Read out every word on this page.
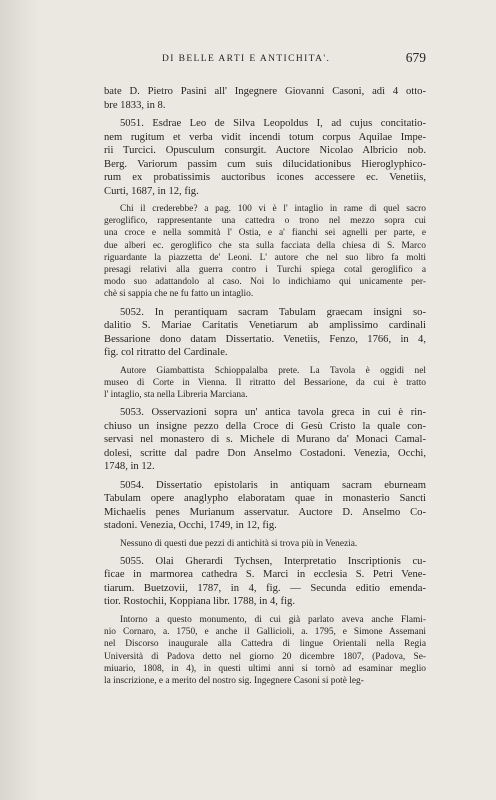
DI BELLE ARTI E ANTICHITA'.	679
bate D. Pietro Pasini all' Ingegnere Giovanni Casoni, adì 4 otto-
bre 1833, in 8.
5051. Esdrae Leo de Silva Leopoldus I, ad cujus concitatio-
nem rugitum et verba vidit incendi totum corpus Aquilae Impe-
rii Turcici. Opusculum consurgit. Auctore Nicolao Albricio nob.
Berg. Variorum passim cum suis dilucidationibus Hieroglyphico-
rum ex probatissimis auctoribus icones accessere ec. Venetiis,
Curti, 1687, in 12, fig.
Chi il crederebbe? a pag. 100 vi è l' intaglio in rame di quel sacro
geroglifico, rappresentante una cattedra o trono nel mezzo sopra cui
una croce e nella sommità l' Ostia, e a' fianchi sei agnelli per parte, e
due alberi ec. geroglifico che sta sulla facciata della chiesa di S. Marco
riguardante la piazzetta de' Leoni. L' autore che nel suo libro fa molti
presagi relativi alla guerra contro i Turchi spiega cotal geroglifico a
modo suo adattandolo al caso. Noi lo indichiamo qui unicamente per-
chè si sappia che ne fu fatto un intaglio.
5052. In perantiquam sacram Tabulam graecam insigni so-
dalitio S. Mariae Caritatis Venetiarum ab amplissimo cardinali
Bessarione dono datam Dissertatio. Venetiis, Fenzo, 1766, in 4,
fig. col ritratto del Cardinale.
Autore Giambattista Schioppalalba prete. La Tavola è oggidì nel
museo di Corte in Vienna. Il ritratto del Bessarione, da cui è tratto
l' intaglio, sta nella Libreria Marciana.
5053. Osservazioni sopra un' antica tavola greca in cui è rin-
chiuso un insigne pezzo della Croce di Gesù Cristo la quale con-
servasi nel monastero di s. Michele di Murano da' Monaci Camal-
dolesi, scritte dal padre Don Anselmo Costadoni. Venezia, Occhi,
1748, in 12.
5054. Dissertatio epistolaris in antiquam sacram eburneam
Tabulam opere anaglypho elaboratam quae in monasterio Sancti
Michaelis penes Murianum asservatur. Auctore D. Anselmo Co-
stadoni. Venezia, Occhi, 1749, in 12, fig.
Nessuno di questi due pezzi di antichità si trova più in Venezia.
5055. Olai Gherardi Tychsen, Interpretatio Inscriptionis cu-
ficae in marmorea cathedra S. Marci in ecclesia S. Petri Vene-
tiarum. Buetzovii, 1787, in 4, fig. — Secunda editio emenda-
tior. Rostochii, Koppiana libr. 1788, in 4, fig.
Intorno a questo monumento, di cui già parlato aveva anche Flami-
nio Cornaro, a. 1750, e anche il Gallicioli, a. 1795, e Simone Assemani
nel Discorso inaugurale alla Cattedra di lingue Orientali nella Regia
Università di Padova detto nel giorno 20 dicembre 1807, (Padova, Se-
miuario, 1808, in 4), in questi ultimi anni si tornò ad esaminar meglio
la inscrizione, e a merito del nostro sig. Ingegnere Casoni si potè leg-
